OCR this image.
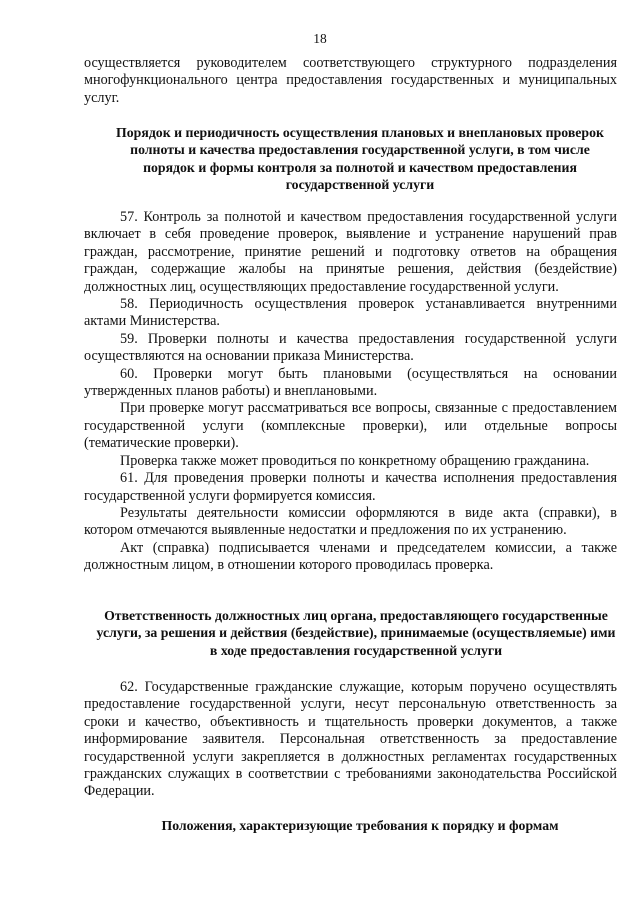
18

осуществляется руководителем соответствующего структурного подразделения многофункционального центра предоставления государственных и муниципальных услуг.

Порядок и периодичность осуществления плановых и внеплановых проверок полноты и качества предоставления государственной услуги, в том числе порядок и формы контроля за полнотой и качеством предоставления государственной услуги

57. Контроль за полнотой и качеством предоставления государственной услуги включает в себя проведение проверок, выявление и устранение нарушений прав граждан, рассмотрение, принятие решений и подготовку ответов на обращения граждан, содержащие жалобы на принятые решения, действия (бездействие) должностных лиц, осуществляющих предоставление государственной услуги.

58. Периодичность осуществления проверок устанавливается внутренними актами Министерства.

59. Проверки полноты и качества предоставления государственной услуги осуществляются на основании приказа Министерства.

60. Проверки могут быть плановыми (осуществляться на основании утвержденных планов работы) и внеплановыми.

При проверке могут рассматриваться все вопросы, связанные с предоставлением государственной услуги (комплексные проверки), или отдельные вопросы (тематические проверки).

Проверка также может проводиться по конкретному обращению гражданина.

61. Для проведения проверки полноты и качества исполнения предоставления государственной услуги формируется комиссия.

Результаты деятельности комиссии оформляются в виде акта (справки), в котором отмечаются выявленные недостатки и предложения по их устранению.

Акт (справка) подписывается членами и председателем комиссии, а также должностным лицом, в отношении которого проводилась проверка.

Ответственность должностных лиц органа, предоставляющего государственные услуги, за решения и действия (бездействие), принимаемые (осуществляемые) ими в ходе предоставления государственной услуги

62. Государственные гражданские служащие, которым поручено осуществлять предоставление государственной услуги, несут персональную ответственность за сроки и качество, объективность и тщательность проверки документов, а также информирование заявителя. Персональная ответственность за предоставление государственной услуги закрепляется в должностных регламентах государственных гражданских служащих в соответствии с требованиями законодательства Российской Федерации.

Положения, характеризующие требования к порядку и формам
